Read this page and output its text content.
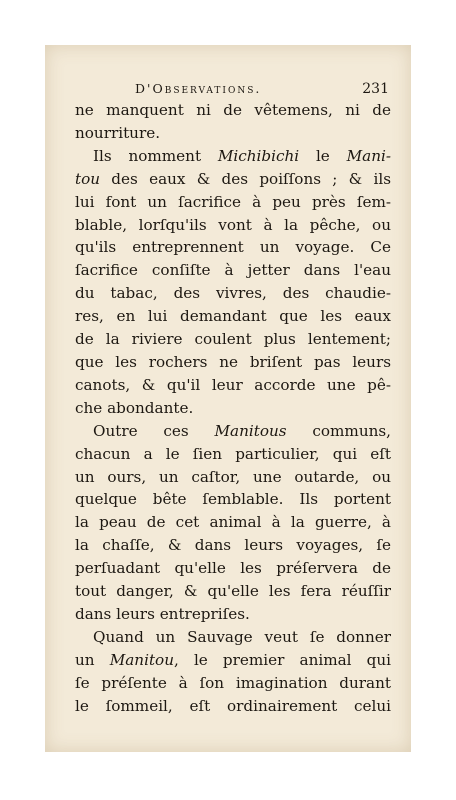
D'Observations.	231
ne manquent ni de vêtemens, ni de
nourriture.
Ils nomment Michibichi le Mani-
tou des eaux & des poiſſons ; & ils
lui font un ſacrifice à peu près ſem-
blable, lorſqu'ils vont à la pêche, ou
qu'ils entreprennent un voyage. Ce
ſacrifice conſiſte à jetter dans l'eau
du tabac, des vivres, des chaudie-
res, en lui demandant que les eaux
de la riviere coulent plus lentement;
que les rochers ne briſent pas leurs
canots, & qu'il leur accorde une pê-
che abondante.
Outre ces Manitous communs,
chacun a le ſien particulier, qui eſt
un ours, un caſtor, une outarde, ou
quelque bête ſemblable. Ils portent
la peau de cet animal à la guerre, à
la chaſſe, & dans leurs voyages, ſe
perſuadant qu'elle les préſervera de
tout danger, & qu'elle les fera réuſſir
dans leurs entrepriſes.
Quand un Sauvage veut ſe donner
un Manitou, le premier animal qui
ſe préſente à ſon imagination durant
le ſommeil, eſt ordinairement celui
